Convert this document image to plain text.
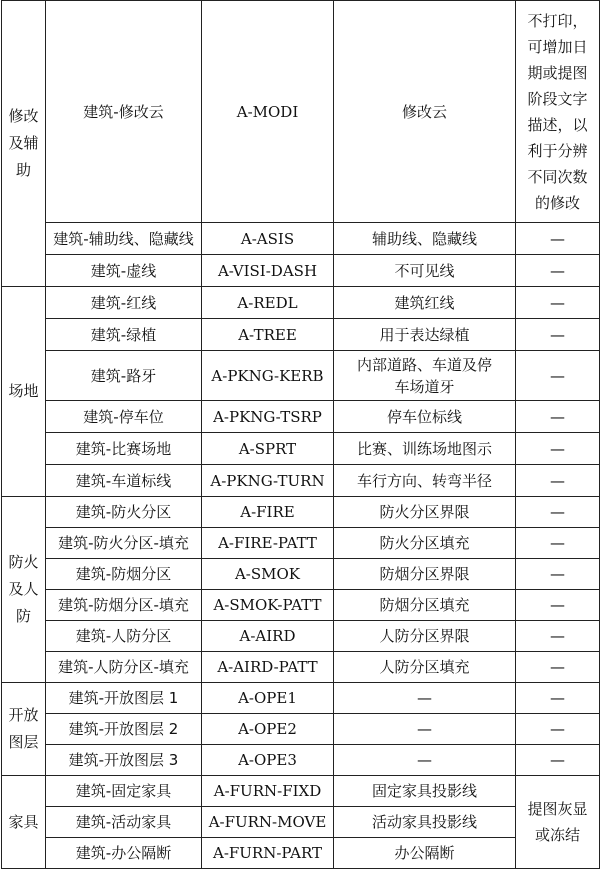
修改及辅助	建筑-修改云	A-MODI	修改云	不打印，可增加日期或提图阶段文字描述，以利于分辨不同次数的修改
	建筑-辅助线、隐藏线	A-ASIS	辅助线、隐藏线	—
	建筑-虚线	A-VISI-DASH	不可见线	—
场地	建筑-红线	A-REDL	建筑红线	—
	建筑-绿植	A-TREE	用于表达绿植	—
	建筑-路牙	A-PKNG-KERB	内部道路、车道及停车场道牙	—
	建筑-停车位	A-PKNG-TSRP	停车位标线	—
	建筑-比赛场地	A-SPRT	比赛、训练场地图示	—
	建筑-车道标线	A-PKNG-TURN	车行方向、转弯半径	—
防火及人防	建筑-防火分区	A-FIRE	防火分区界限	—
	建筑-防火分区-填充	A-FIRE-PATT	防火分区填充	—
	建筑-防烟分区	A-SMOK	防烟分区界限	—
	建筑-防烟分区-填充	A-SMOK-PATT	防烟分区填充	—
	建筑-人防分区	A-AIRD	人防分区界限	—
	建筑-人防分区-填充	A-AIRD-PATT	人防分区填充	—
开放图层	建筑-开放图层 1	A-OPE1	—	—
	建筑-开放图层 2	A-OPE2	—	—
	建筑-开放图层 3	A-OPE3	—	—
家具	建筑-固定家具	A-FURN-FIXD	固定家具投影线	提图灰显或冻结
	建筑-活动家具	A-FURN-MOVE	活动家具投影线	
	建筑-办公隔断	A-FURN-PART	办公隔断	
